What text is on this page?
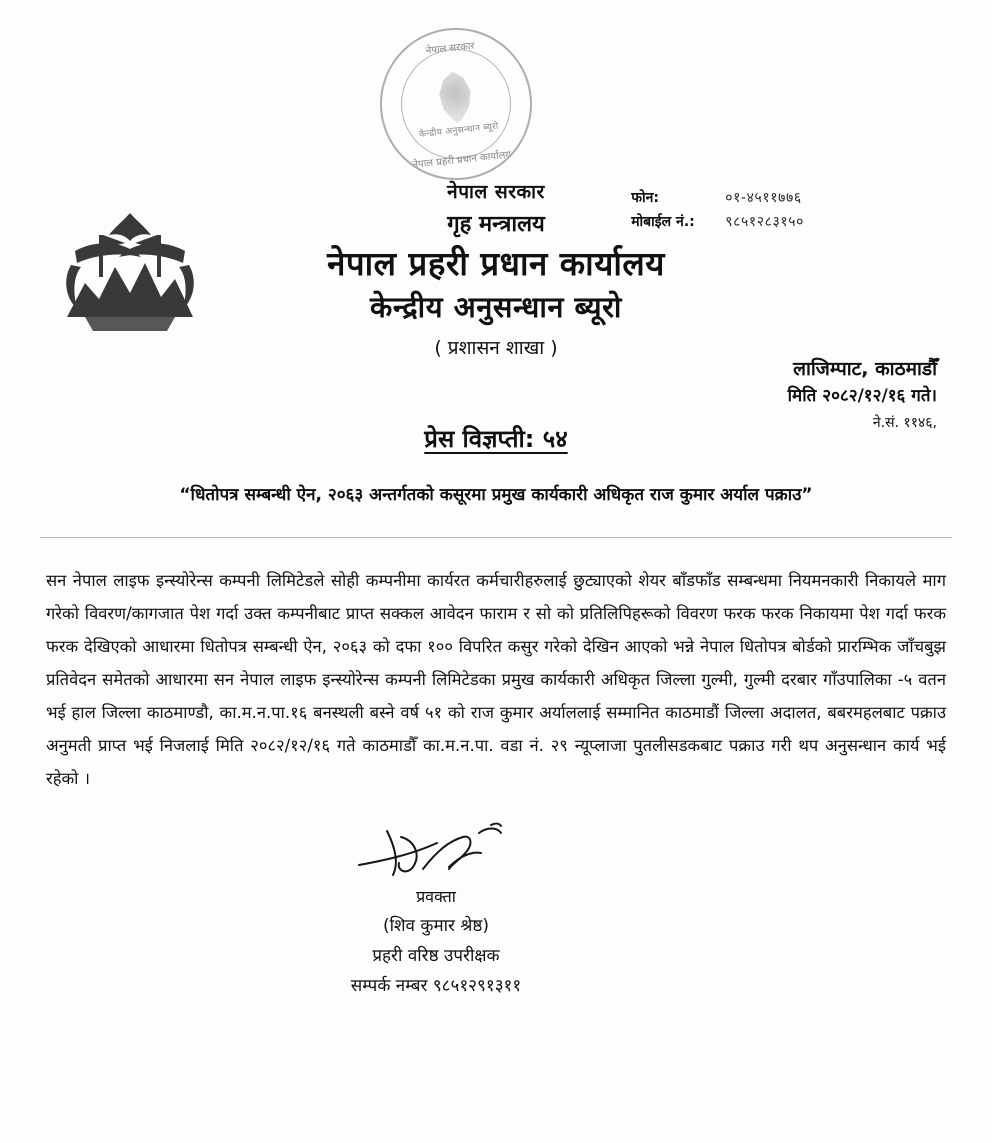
नेपाल सरकार
केन्द्रीय अनुसन्धान ब्यूरो
नेपाल प्रहरी प्रधान कार्यालय
नेपाल सरकार
गृह मन्त्रालय
नेपाल प्रहरी प्रधान कार्यालय
केन्द्रीय अनुसन्धान ब्यूरो
( प्रशासन शाखा )
फोन:	०१-४५११७७६
मोबाईल नं.:	९८५१२८३१५०
लाजिम्पाट, काठमाडौँ
मिति २०८२/१२/१६ गते।
ने.सं. ११४६,
प्रेस विज्ञप्ती: ५४
“धितोपत्र सम्बन्धी ऐन, २०६३ अन्तर्गतको कसूरमा प्रमुख कार्यकारी अधिकृत राज कुमार अर्याल पक्राउ”
सन नेपाल लाइफ इन्स्योरेन्स कम्पनी लिमिटेडले सोही कम्पनीमा कार्यरत कर्मचारीहरुलाई छुट्याएको शेयर बाँडफाँड सम्बन्धमा नियमनकारी निकायले माग गरेको विवरण/कागजात पेश गर्दा उक्त कम्पनीबाट प्राप्त सक्कल आवेदन फाराम र सो को प्रतिलिपिहरूको विवरण फरक फरक निकायमा पेश गर्दा फरक फरक देखिएको आधारमा धितोपत्र सम्बन्धी ऐन, २०६३ को दफा १०० विपरित कसुर गरेको देखिन आएको भन्ने नेपाल धितोपत्र बोर्डको प्रारम्भिक जाँचबुझ प्रतिवेदन समेतको आधारमा सन नेपाल लाइफ इन्स्योरेन्स कम्पनी लिमिटेडका प्रमुख कार्यकारी अधिकृत जिल्ला गुल्मी, गुल्मी दरबार गाँउपालिका -५ वतन भई हाल जिल्ला काठमाण्डौ, का.म.न.पा.१६ बनस्थली बस्ने वर्ष ५१ को राज कुमार अर्याललाई सम्मानित काठमाडौं जिल्ला अदालत, बबरमहलबाट पक्राउ अनुमती प्राप्त भई निजलाई मिति २०८२/१२/१६ गते काठमाडौँ का.म.न.पा. वडा नं. २९ न्यूप्लाजा पुतलीसडकबाट पक्राउ गरी थप अनुसन्धान कार्य भई रहेको ।
प्रवक्ता
(शिव कुमार श्रेष्ठ)
प्रहरी वरिष्ठ उपरीक्षक
सम्पर्क नम्बर ९८५१२९१३११
